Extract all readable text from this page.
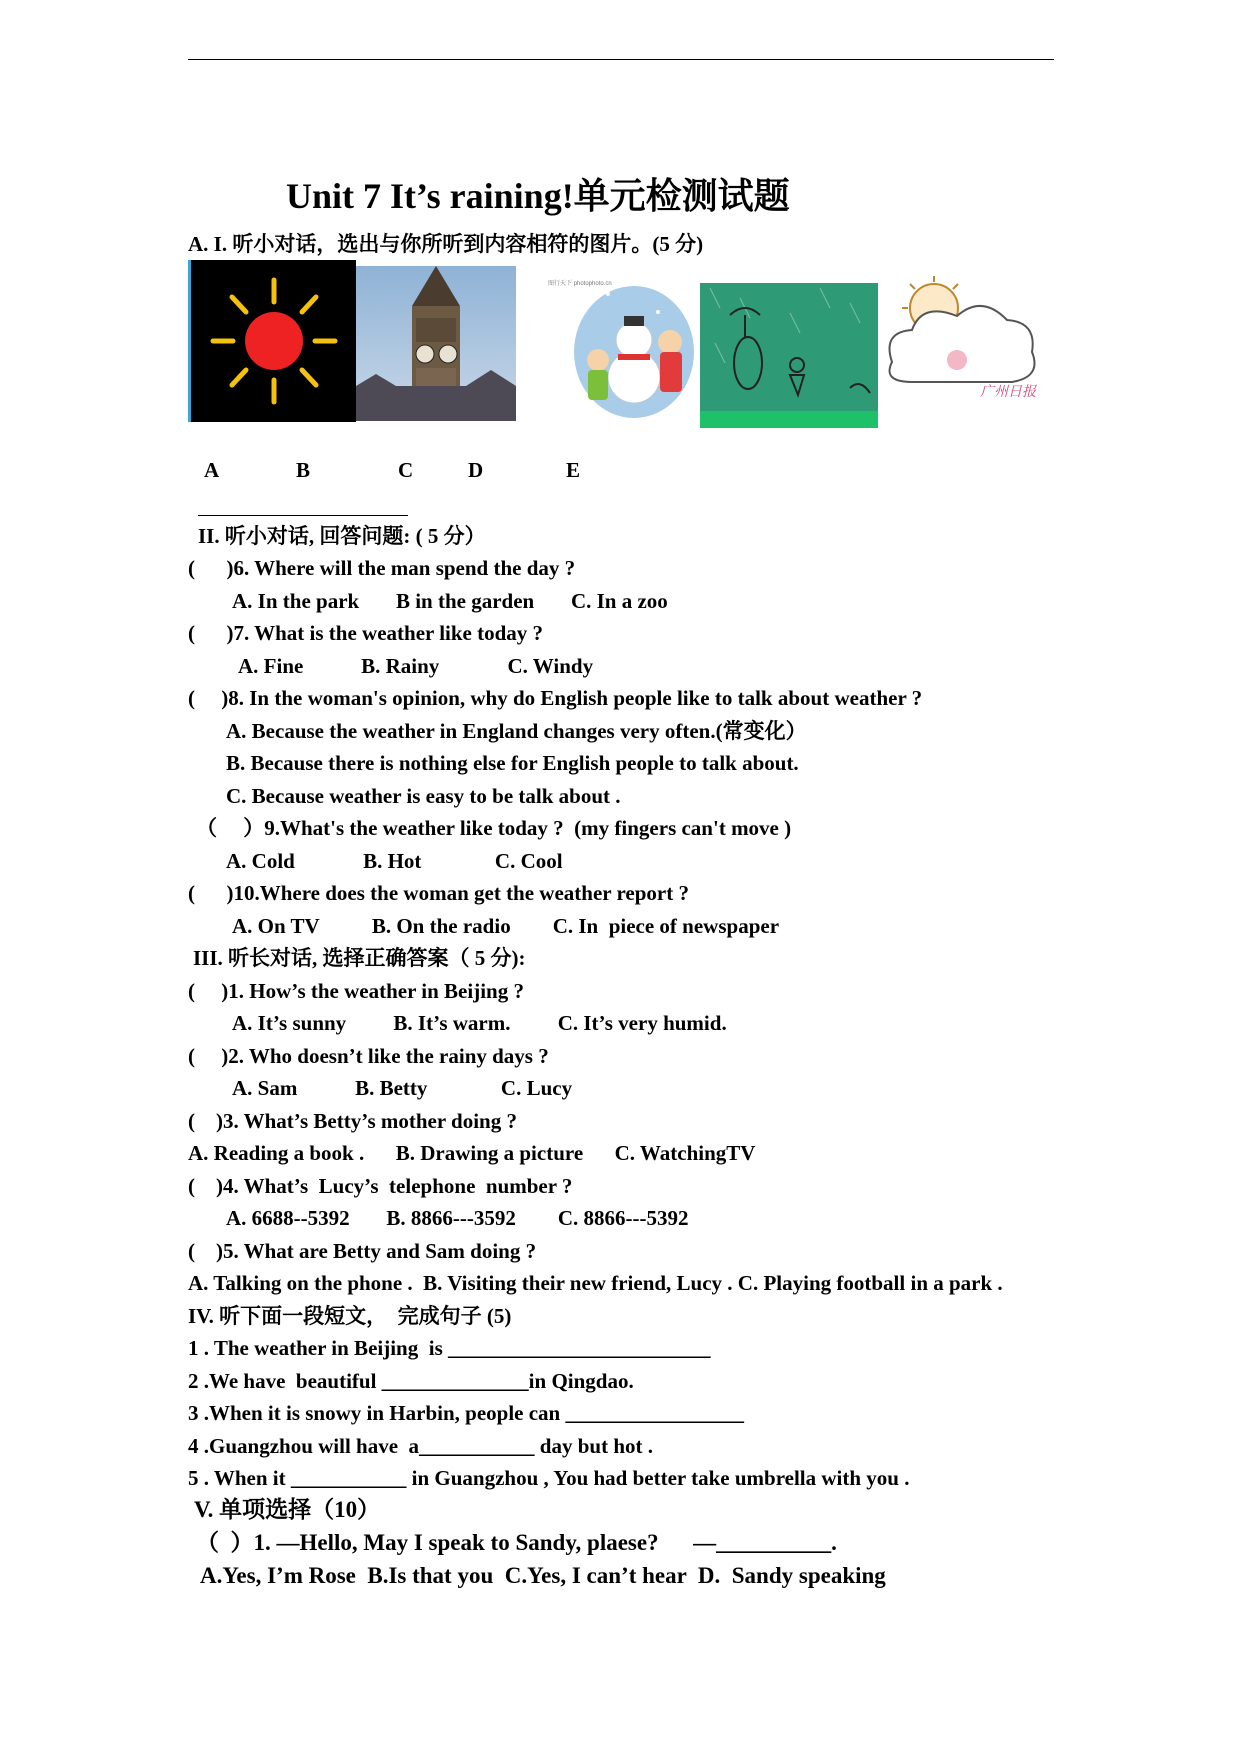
Unit 7 It’s raining!单元检测试题
A. I. 听小对话，选出与你所听到内容相符的图片。(5 分)
图行天下 photophoto.cn
广州日报
A	B	C	D	E
II. 听小对话, 回答问题: ( 5 分）
(      )6. Where will the man spend the day ?
A. In the park       B in the garden       C. In a zoo
(      )7. What is the weather like today ?
A. Fine           B. Rainy             C. Windy
(     )8. In the woman's opinion, why do English people like to talk about weather ?
A. Because the weather in England changes very often.(常变化）
B. Because there is nothing else for English people to talk about.
C. Because weather is easy to be talk about .
（     ）9.What's the weather like today ?  (my fingers can't move )
A. Cold             B. Hot              C. Cool
(      )10.Where does the woman get the weather report ?
A. On TV          B. On the radio        C. In  piece of newspaper
III. 听长对话, 选择正确答案（ 5 分):
(     )1. How’s the weather in Beijing ?
A. It’s sunny         B. It’s warm.         C. It’s very humid.
(     )2. Who doesn’t like the rainy days ?
A. Sam           B. Betty              C. Lucy
(    )3. What’s Betty’s mother doing ?
A. Reading a book .      B. Drawing a picture      C. WatchingTV
(    )4. What’s  Lucy’s  telephone  number ?
A. 6688--5392       B. 8866---3592        C. 8866---5392
(    )5. What are Betty and Sam doing ?
A. Talking on the phone .  B. Visiting their new friend, Lucy . C. Playing football in a park .
IV. 听下面一段短文，  完成句子 (5)
1 . The weather in Beijing  is _________________________
2 .We have  beautiful ______________in Qingdao.
3 .When it is snowy in Harbin, people can _________________
4 .Guangzhou will have  a___________ day but hot .
5 . When it ___________ in Guangzhou , You had better take umbrella with you .
V. 单项选择（10）
（  ）1. —Hello, May I speak to Sandy, plaese?      —__________.
A.Yes, I’m Rose  B.Is that you  C.Yes, I can’t hear  D.  Sandy speaking
